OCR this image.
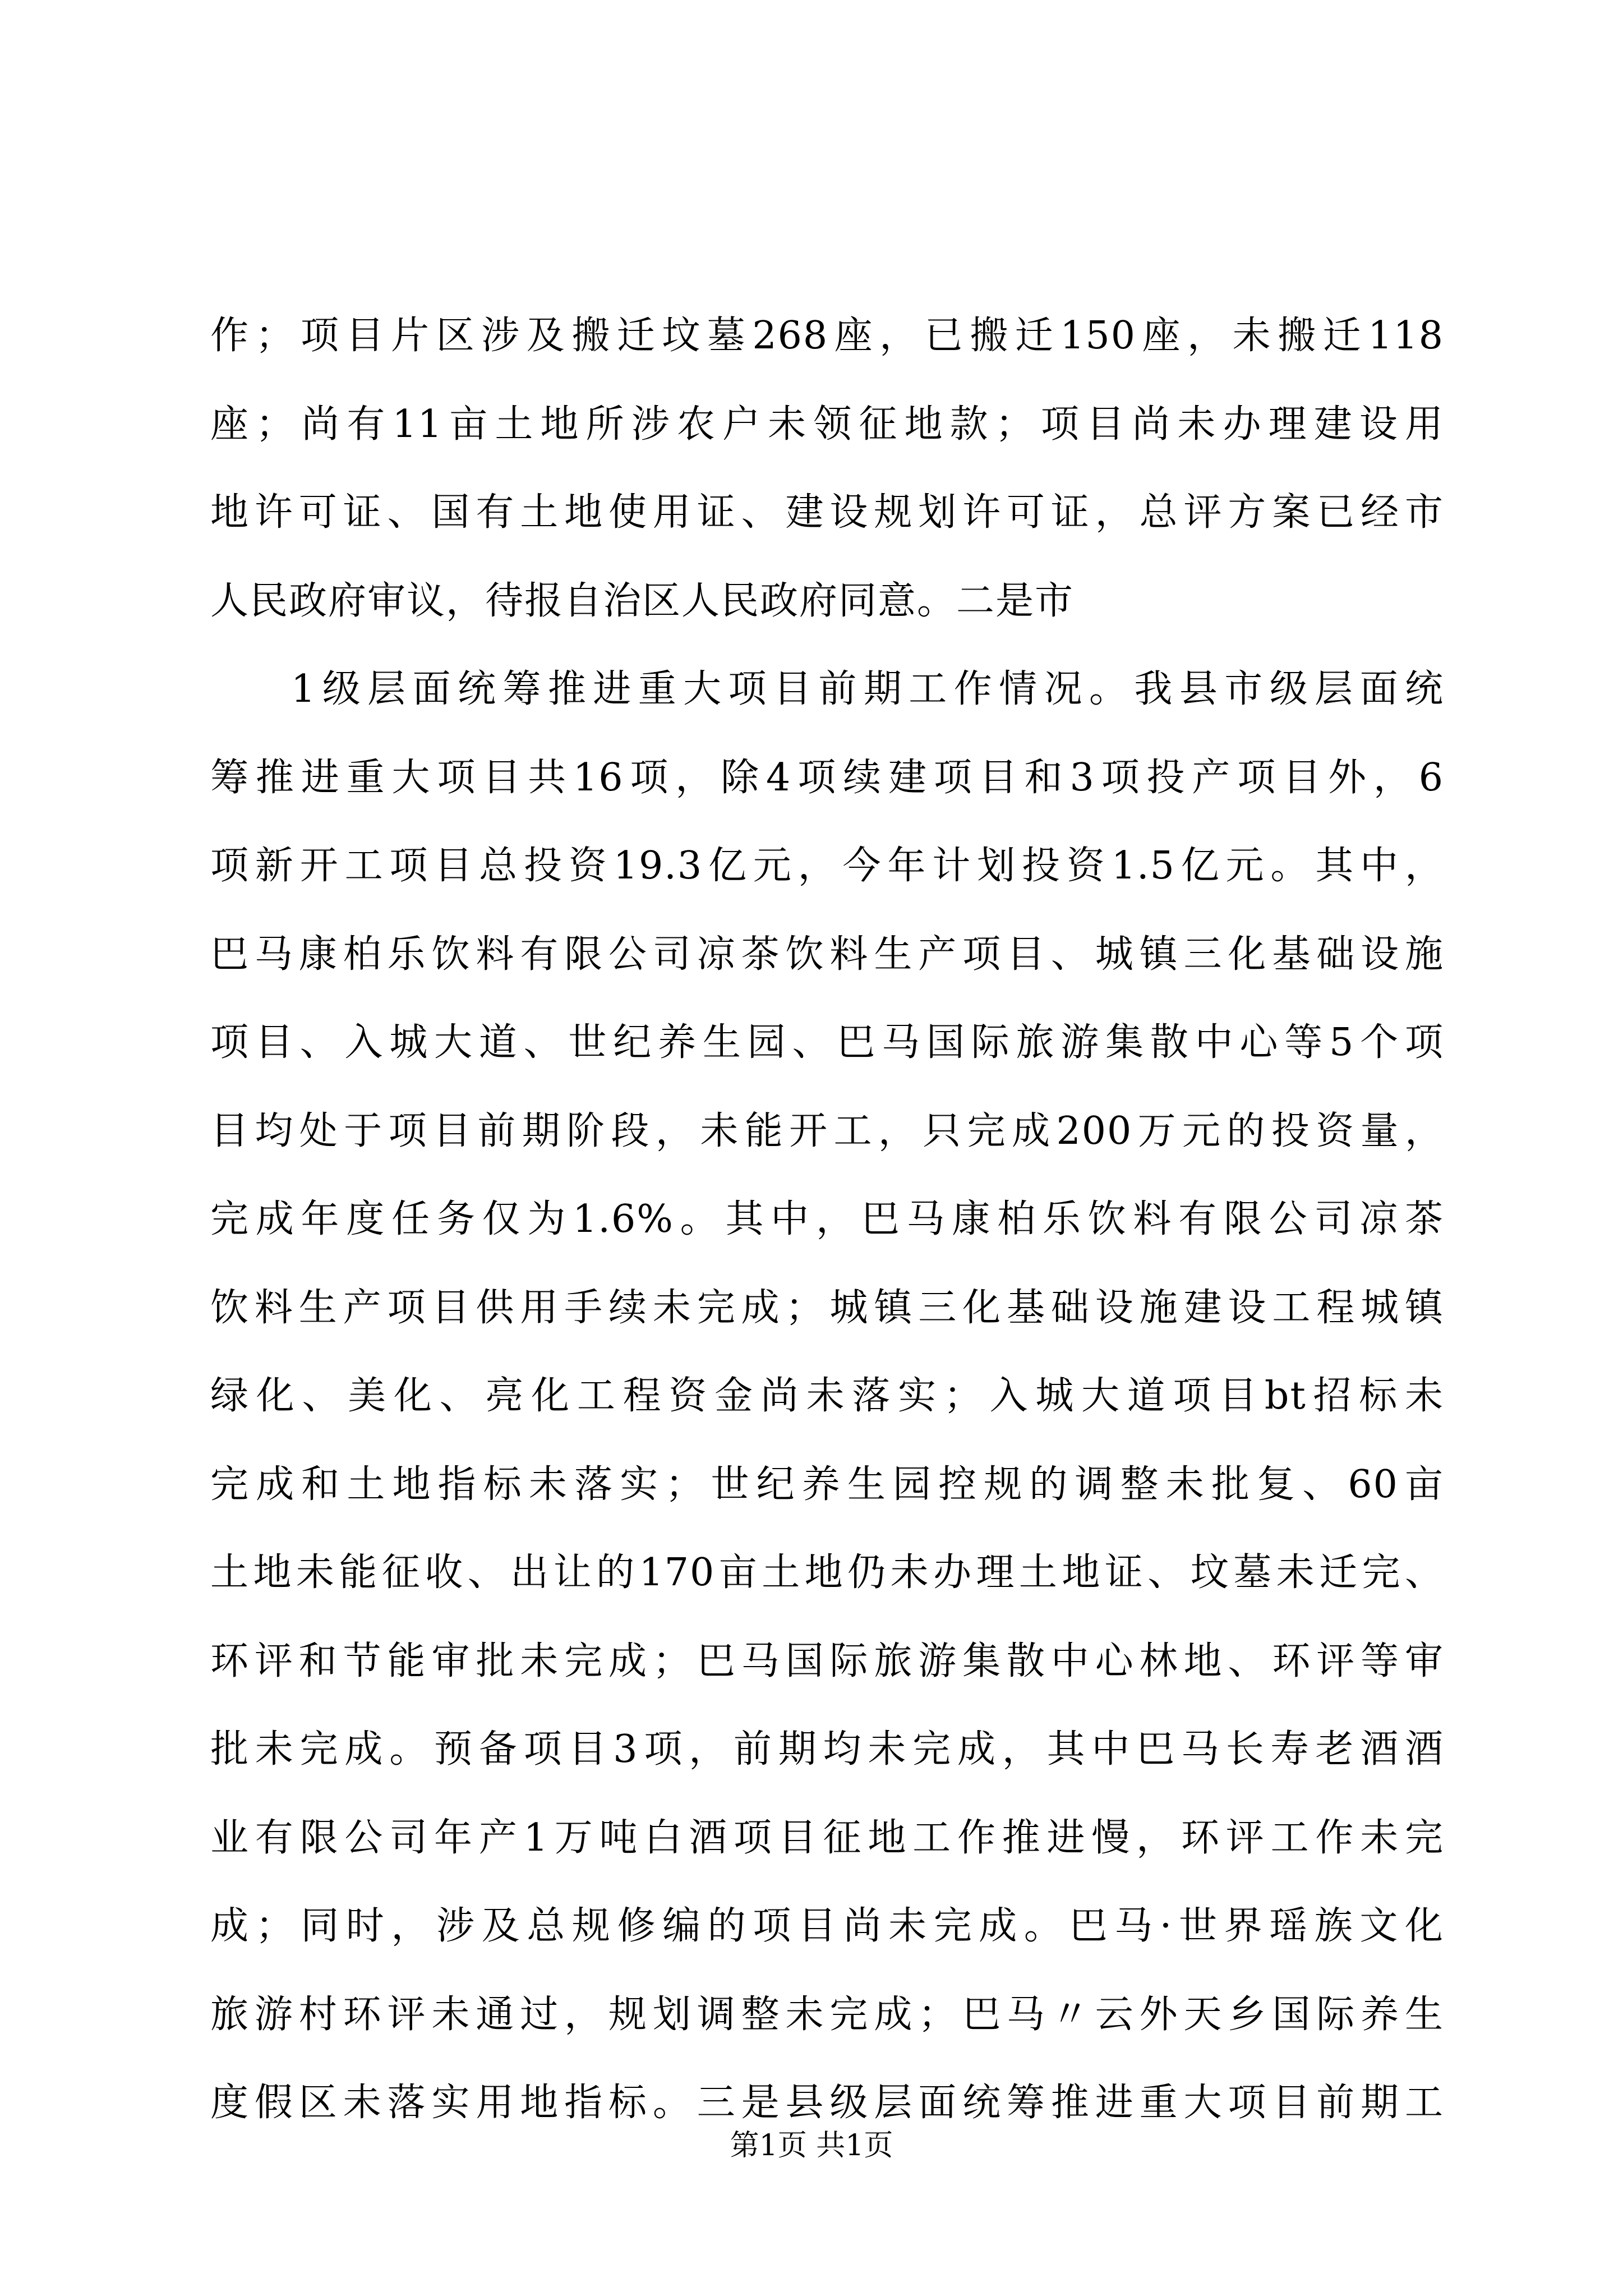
作；项目片区涉及搬迁坟墓268座，已搬迁150座，未搬迁118
座；尚有11亩土地所涉农户未领征地款；项目尚未办理建设用
地许可证、国有土地使用证、建设规划许可证，总评方案已经市
人民政府审议，待报自治区人民政府同意。二是市
1级层面统筹推进重大项目前期工作情况。我县市级层面统
筹推进重大项目共16项，除4项续建项目和3项投产项目外，6
项新开工项目总投资19.3亿元，今年计划投资1.5亿元。其中，
巴马康柏乐饮料有限公司凉茶饮料生产项目、城镇三化基础设施
项目、入城大道、世纪养生园、巴马国际旅游集散中心等5个项
目均处于项目前期阶段，未能开工，只完成200万元的投资量，
完成年度任务仅为1.6%。其中，巴马康柏乐饮料有限公司凉茶
饮料生产项目供用手续未完成；城镇三化基础设施建设工程城镇
绿化、美化、亮化工程资金尚未落实；入城大道项目bt招标未
完成和土地指标未落实；世纪养生园控规的调整未批复、60亩
土地未能征收、出让的170亩土地仍未办理土地证、坟墓未迁完、
环评和节能审批未完成；巴马国际旅游集散中心林地、环评等审
批未完成。预备项目3项，前期均未完成，其中巴马长寿老酒酒
业有限公司年产1万吨白酒项目征地工作推进慢，环评工作未完
成；同时，涉及总规修编的项目尚未完成。巴马·世界瑶族文化
旅游村环评未通过，规划调整未完成；巴马〃云外天乡国际养生
度假区未落实用地指标。三是县级层面统筹推进重大项目前期工
第1页 共1页
